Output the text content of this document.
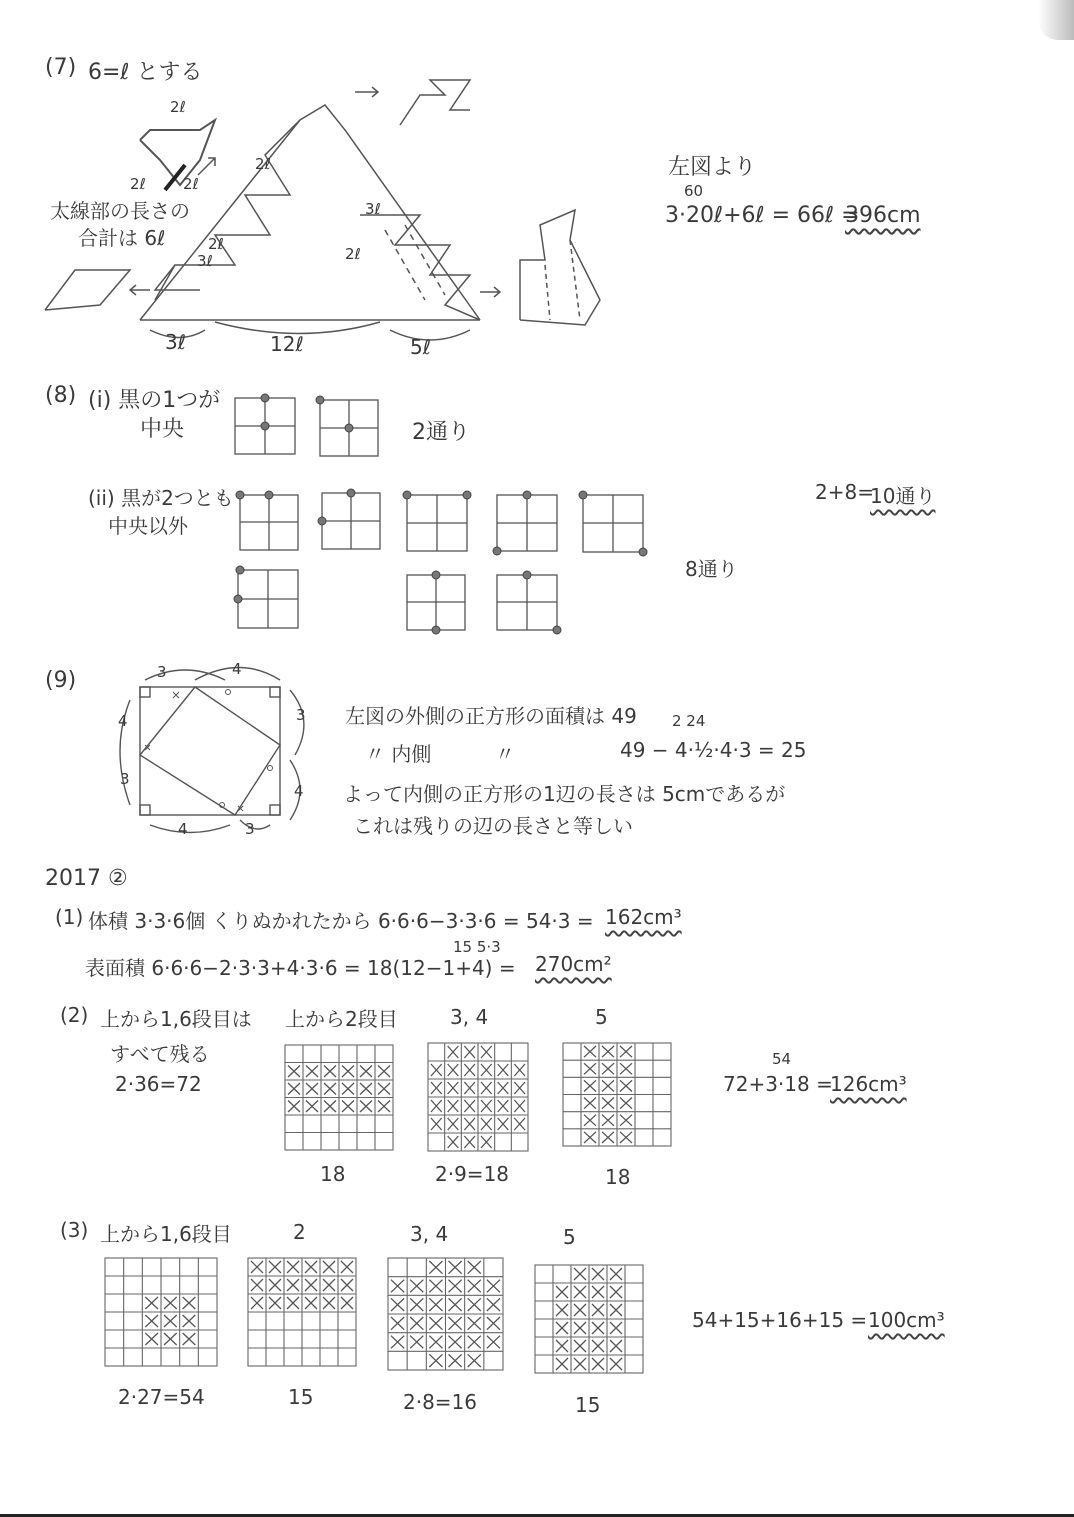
(7) 6=ℓ とする
太線部の長さの
合計は 6ℓ
2ℓ
2ℓ 2ℓ
2ℓ
2ℓ
2ℓ
3ℓ
3ℓ
3ℓ	12ℓ	5ℓ
左図より
60
3·20ℓ+6ℓ = 66ℓ =
396cm
(8) (i) 黒の1つが
中央	2通り
(ii) 黒が2つとも
中央以外
8通り
2+8=
10通り
(9)	3	4
3
4
4
3
4	3
左図の外側の正方形の面積は 49
〃 内側	〃
2 24
49 − 4·½·4·3 = 25
よって内側の正方形の1辺の長さは 5cmであるが
これは残りの辺の長さと等しい
2017 ②
(1) 体積 3·3·6個 くりぬかれたから 6·6·6−3·3·6 = 54·3 = 162cm³
15 5·3
表面積 6·6·6−2·3·3+4·3·6 = 18(12−1+4) = 270cm²
(2) 上から1,6段目は
すべて残る
2·36=72
上から2段目	3, 4	5
18	2·9=18	18
54
72+3·18 =
126cm³
(3) 上から1,6段目	2	3, 4	5
2·27=54	15	2·8=16	15
54+15+16+15 = 100cm³
